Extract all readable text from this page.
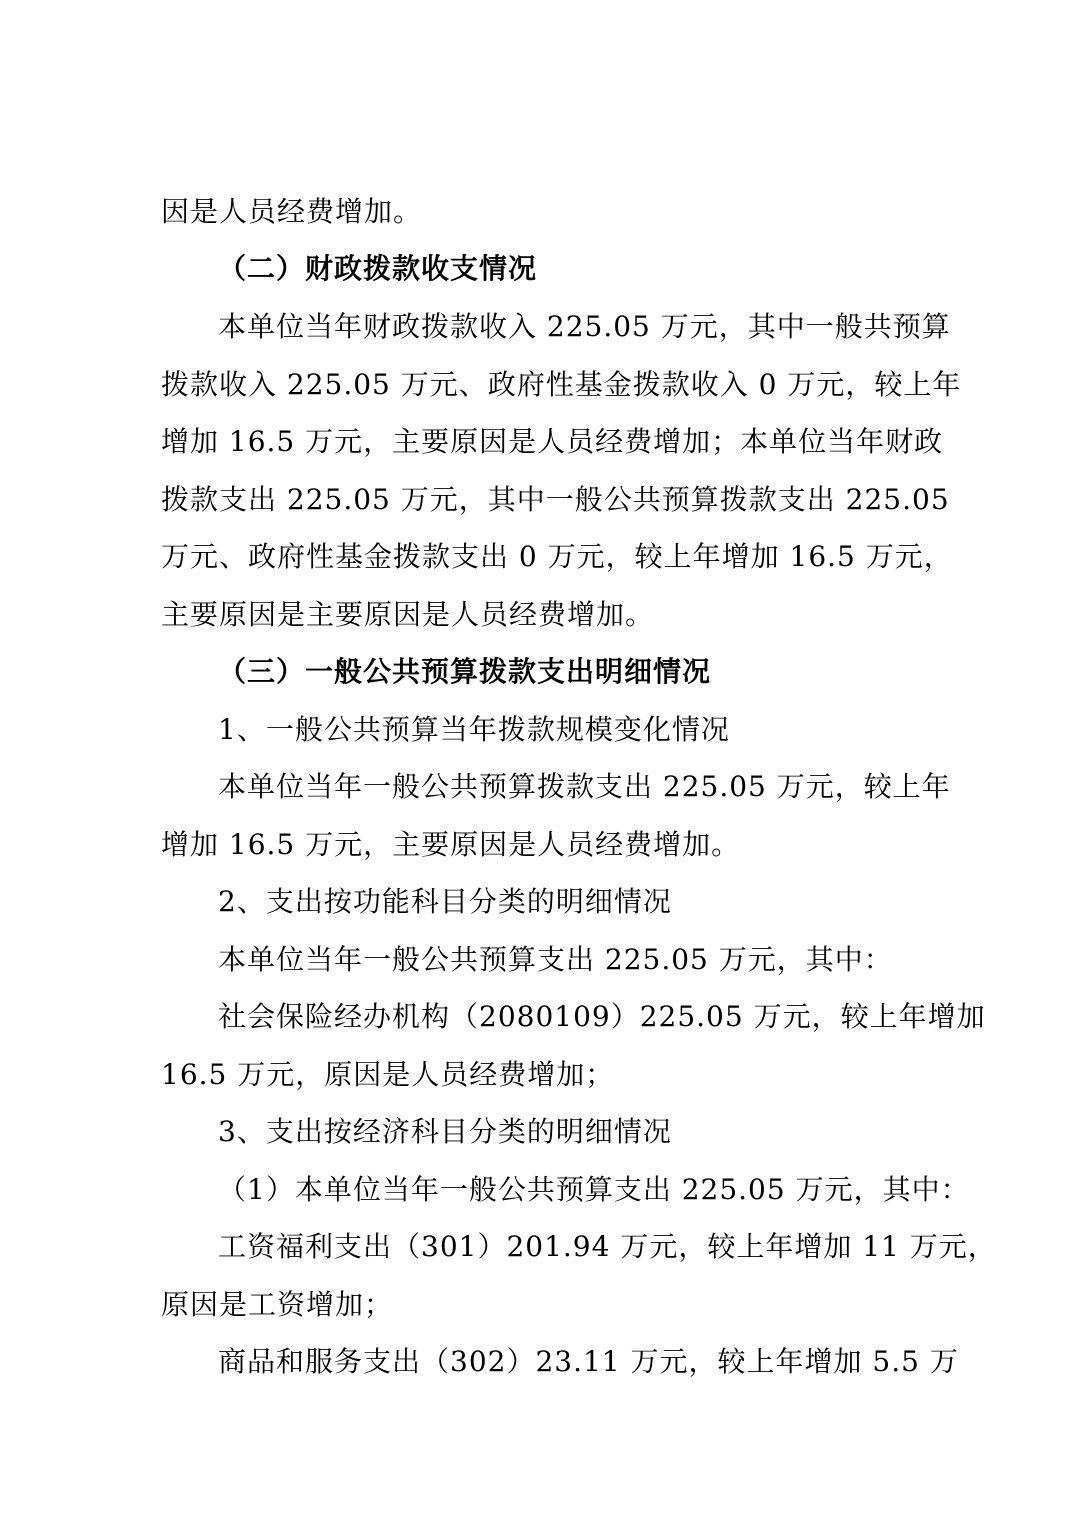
因是人员经费增加。
（二）财政拨款收支情况
本单位当年财政拨款收入 225.05 万元，其中一般共预算
拨款收入 225.05 万元、政府性基金拨款收入 0 万元，较上年
增加 16.5 万元，主要原因是人员经费增加；本单位当年财政
拨款支出 225.05 万元，其中一般公共预算拨款支出 225.05
万元、政府性基金拨款支出 0 万元，较上年增加 16.5 万元，
主要原因是主要原因是人员经费增加。
（三）一般公共预算拨款支出明细情况
1、一般公共预算当年拨款规模变化情况
本单位当年一般公共预算拨款支出 225.05 万元，较上年
增加 16.5 万元，主要原因是人员经费增加。
2、支出按功能科目分类的明细情况
本单位当年一般公共预算支出 225.05 万元，其中：
社会保险经办机构（2080109）225.05 万元，较上年增加
16.5 万元，原因是人员经费增加；
3、支出按经济科目分类的明细情况
（1）本单位当年一般公共预算支出 225.05 万元，其中：
工资福利支出（301）201.94 万元，较上年增加 11 万元，
原因是工资增加；
商品和服务支出（302）23.11 万元，较上年增加 5.5 万
